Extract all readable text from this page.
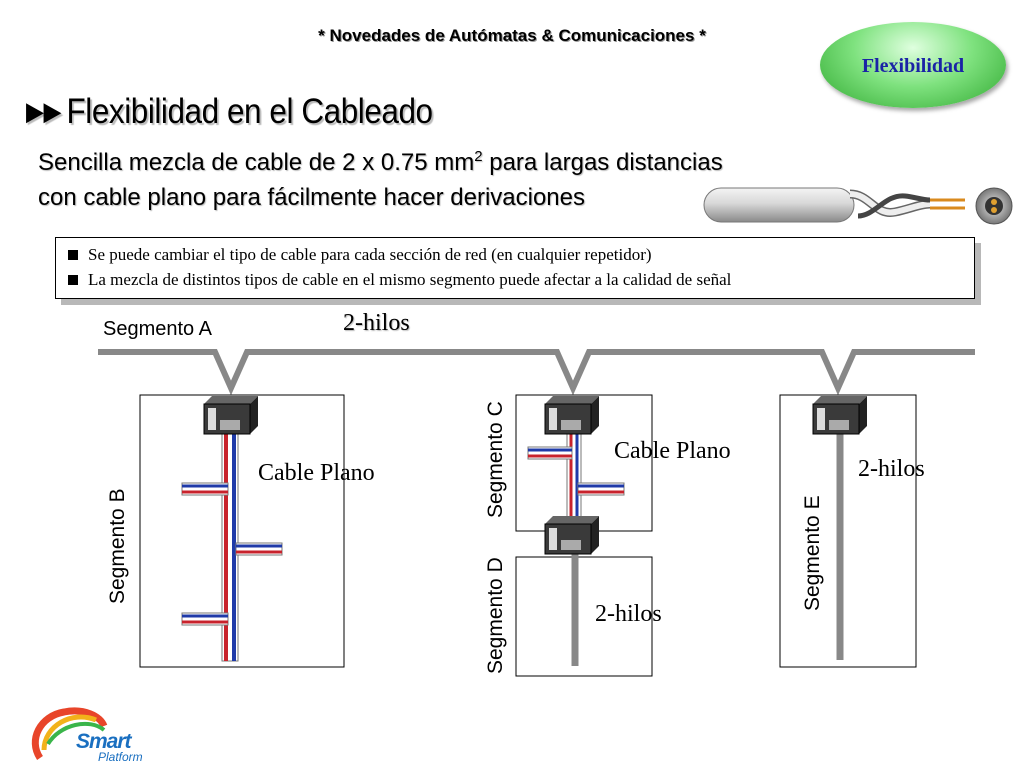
* Novedades de Autómatas & Comunicaciones *
Flexibilidad
▶▶ Flexibilidad en el Cableado
Sencilla mezcla de cable de 2 x 0.75 $mm^2$ para largas distancias
con cable plano para fácilmente hacer derivaciones
Se puede cambiar el tipo de cable para cada sección de red (en cualquier repetidor)
La mezcla de distintos tipos de cable en el mismo segmento puede afectar a la calidad de señal
Segmento A	2-hilos
Segmento B
Cable Plano	Segmento C	Cable Plano
Segmento D	2-hilos
Segmento E
2-hilos
Smart
Platform
